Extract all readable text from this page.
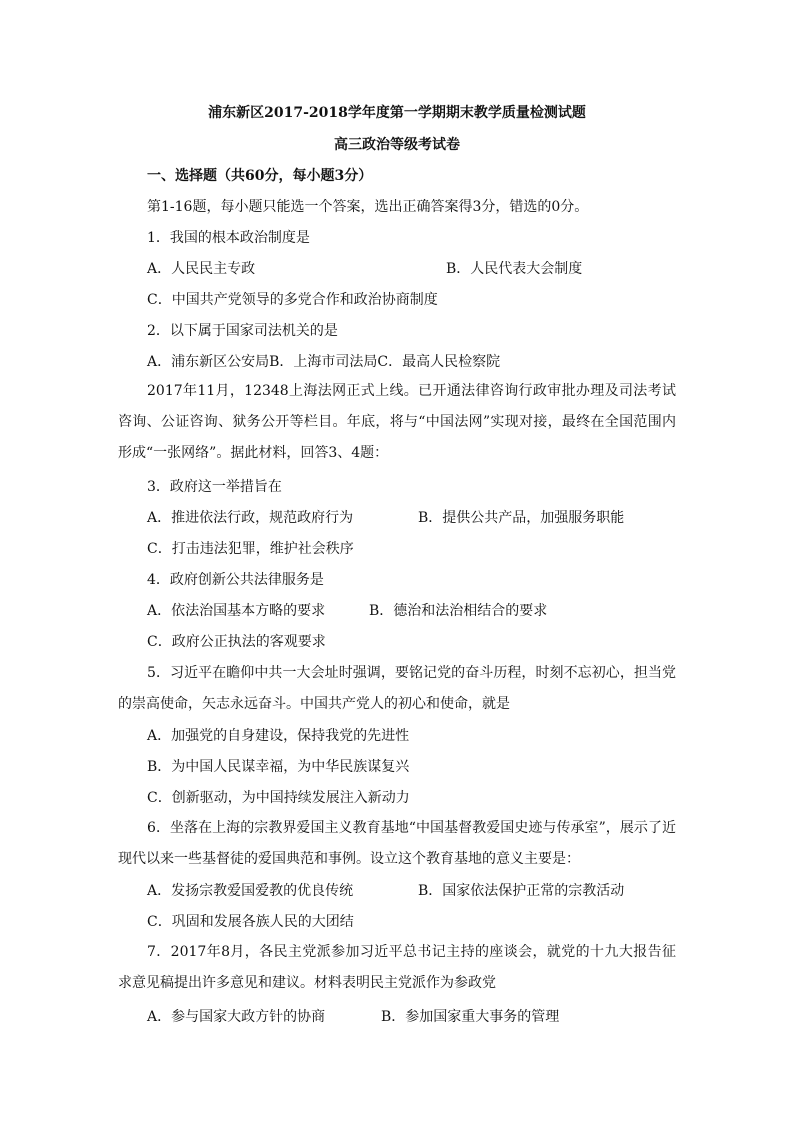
浦东新区2017-2018学年度第一学期期末教学质量检测试题
高三政治等级考试卷
一、选择题（共60分，每小题3分）
第1-16题，每小题只能选一个答案，选出正确答案得3分，错选的0分。
1．我国的根本政治制度是
A．人民民主专政	B．人民代表大会制度
C．中国共产党领导的多党合作和政治协商制度
2．以下属于国家司法机关的是
A．浦东新区公安局B．上海市司法局C．最高人民检察院
2017年11月，12348上海法网正式上线。已开通法律咨询行政审批办理及司法考试咨询、公证咨询、狱务公开等栏目。年底，将与“中国法网”实现对接，最终在全国范围内形成“一张网络”。据此材料，回答3、4题：
3．政府这一举措旨在
A．推进依法行政，规范政府行为	B．提供公共产品，加强服务职能
C．打击违法犯罪，维护社会秩序
4．政府创新公共法律服务是
A．依法治国基本方略的要求	B．德治和法治相结合的要求
C．政府公正执法的客观要求
5．习近平在瞻仰中共一大会址时强调，要铭记党的奋斗历程，时刻不忘初心，担当党的崇高使命，矢志永远奋斗。中国共产党人的初心和使命，就是
A．加强党的自身建设，保持我党的先进性
B．为中国人民谋幸福，为中华民族谋复兴
C．创新驱动，为中国持续发展注入新动力
6．坐落在上海的宗教界爱国主义教育基地“中国基督教爱国史迹与传承室”，展示了近现代以来一些基督徒的爱国典范和事例。设立这个教育基地的意义主要是：
A．发扬宗教爱国爱教的优良传统	B．国家依法保护正常的宗教活动
C．巩固和发展各族人民的大团结
7．2017年8月，各民主党派参加习近平总书记主持的座谈会，就党的十九大报告征求意见稿提出许多意见和建议。材料表明民主党派作为参政党
A．参与国家大政方针的协商	B．参加国家重大事务的管理
